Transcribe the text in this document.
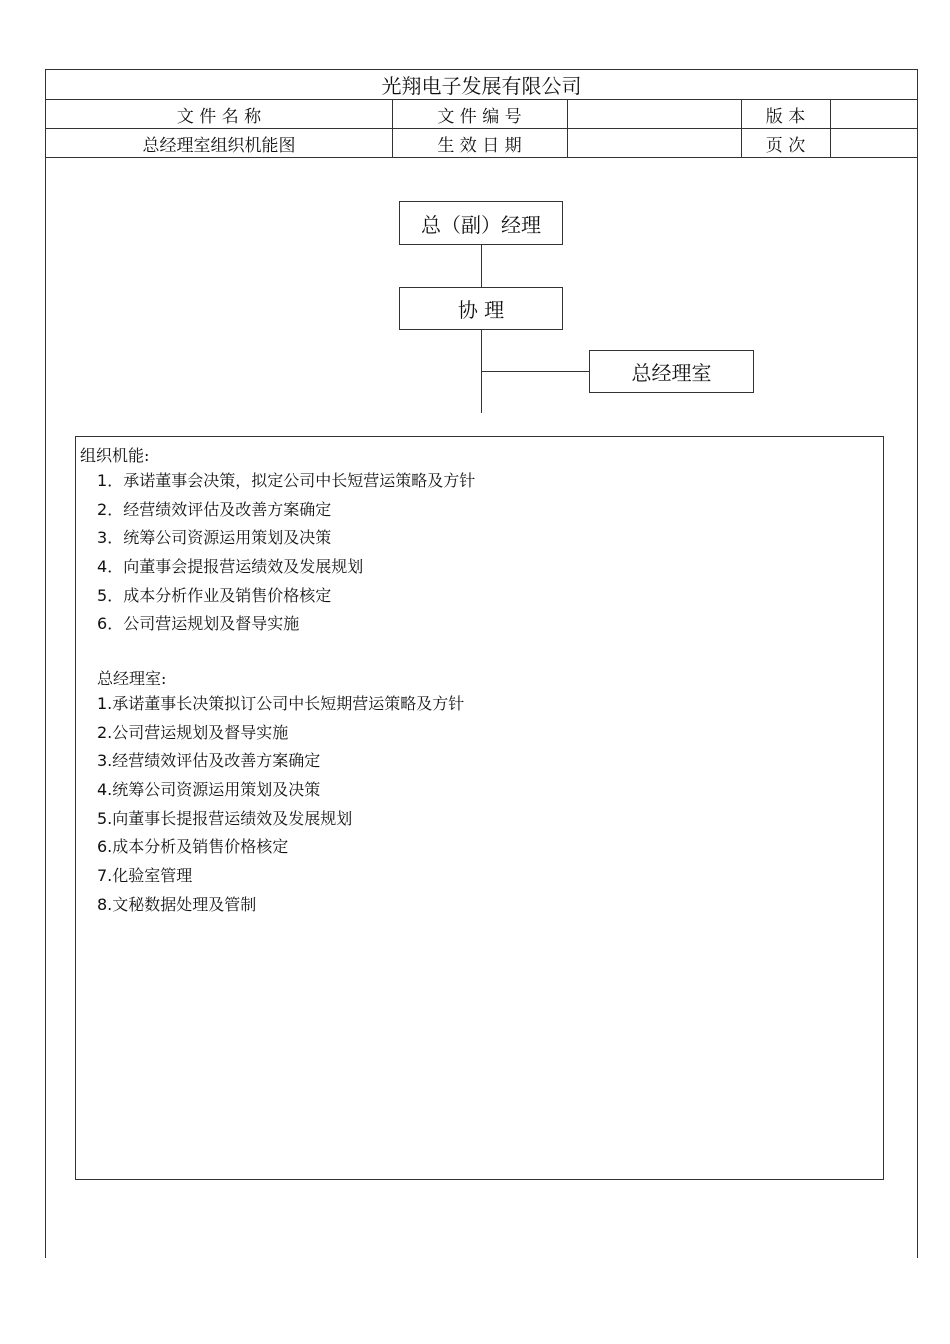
光翔电子发展有限公司
文 件 名 称	文 件 编 号	版 本
总经理室组织机能图	生 效 日 期	页 次
总（副）经理
协 理
总经理室
组织机能:
1．承诺董事会决策，拟定公司中长短营运策略及方针
2．经营绩效评估及改善方案确定
3．统筹公司资源运用策划及决策
4．向董事会提报营运绩效及发展规划
5．成本分析作业及销售价格核定
6．公司营运规划及督导实施
总经理室:
1.承诺董事长决策拟订公司中长短期营运策略及方针
2.公司营运规划及督导实施
3.经营绩效评估及改善方案确定
4.统筹公司资源运用策划及决策
5.向董事长提报营运绩效及发展规划
6.成本分析及销售价格核定
7.化验室管理
8.文秘数据处理及管制
